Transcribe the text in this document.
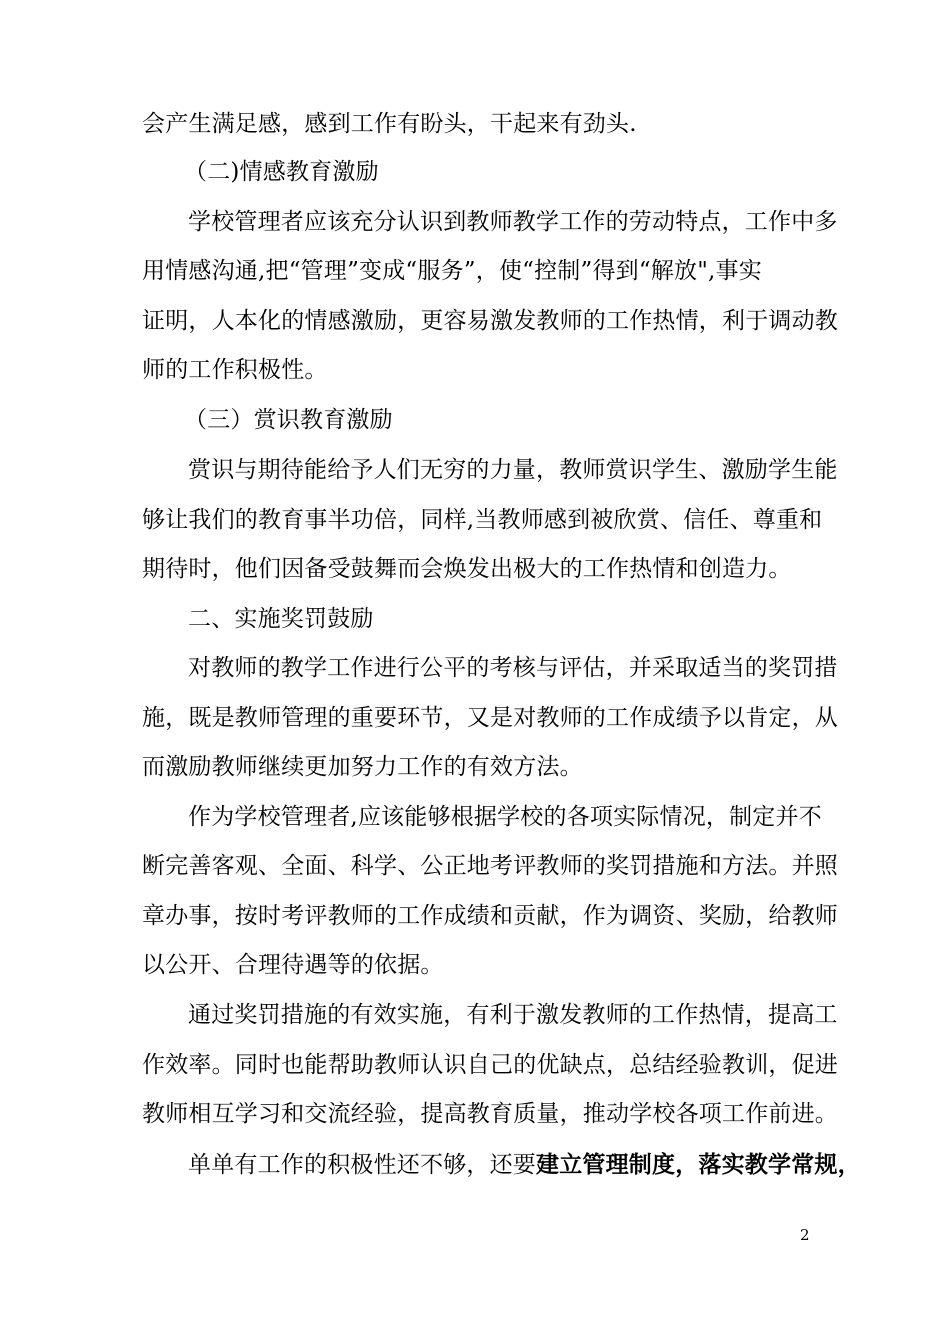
会产生满足感，感到工作有盼头，干起来有劲头.
（二)情感教育激励
学校管理者应该充分认识到教师教学工作的劳动特点，工作中多
用情感沟通,把“管理”变成“服务”，使“控制”得到“解放",事实
证明，人本化的情感激励，更容易激发教师的工作热情，利于调动教
师的工作积极性。
（三）赏识教育激励
赏识与期待能给予人们无穷的力量，教师赏识学生、激励学生能
够让我们的教育事半功倍，同样,当教师感到被欣赏、信任、尊重和
期待时，他们因备受鼓舞而会焕发出极大的工作热情和创造力。
二、实施奖罚鼓励
对教师的教学工作进行公平的考核与评估，并采取适当的奖罚措
施，既是教师管理的重要环节，又是对教师的工作成绩予以肯定，从
而激励教师继续更加努力工作的有效方法。
作为学校管理者,应该能够根据学校的各项实际情况，制定并不
断完善客观、全面、科学、公正地考评教师的奖罚措施和方法。并照
章办事，按时考评教师的工作成绩和贡献，作为调资、奖励，给教师
以公开、合理待遇等的依据。
通过奖罚措施的有效实施，有利于激发教师的工作热情，提高工
作效率。同时也能帮助教师认识自己的优缺点，总结经验教训，促进
教师相互学习和交流经验，提高教育质量，推动学校各项工作前进。
单单有工作的积极性还不够，还要建立管理制度，落实教学常规，
2
